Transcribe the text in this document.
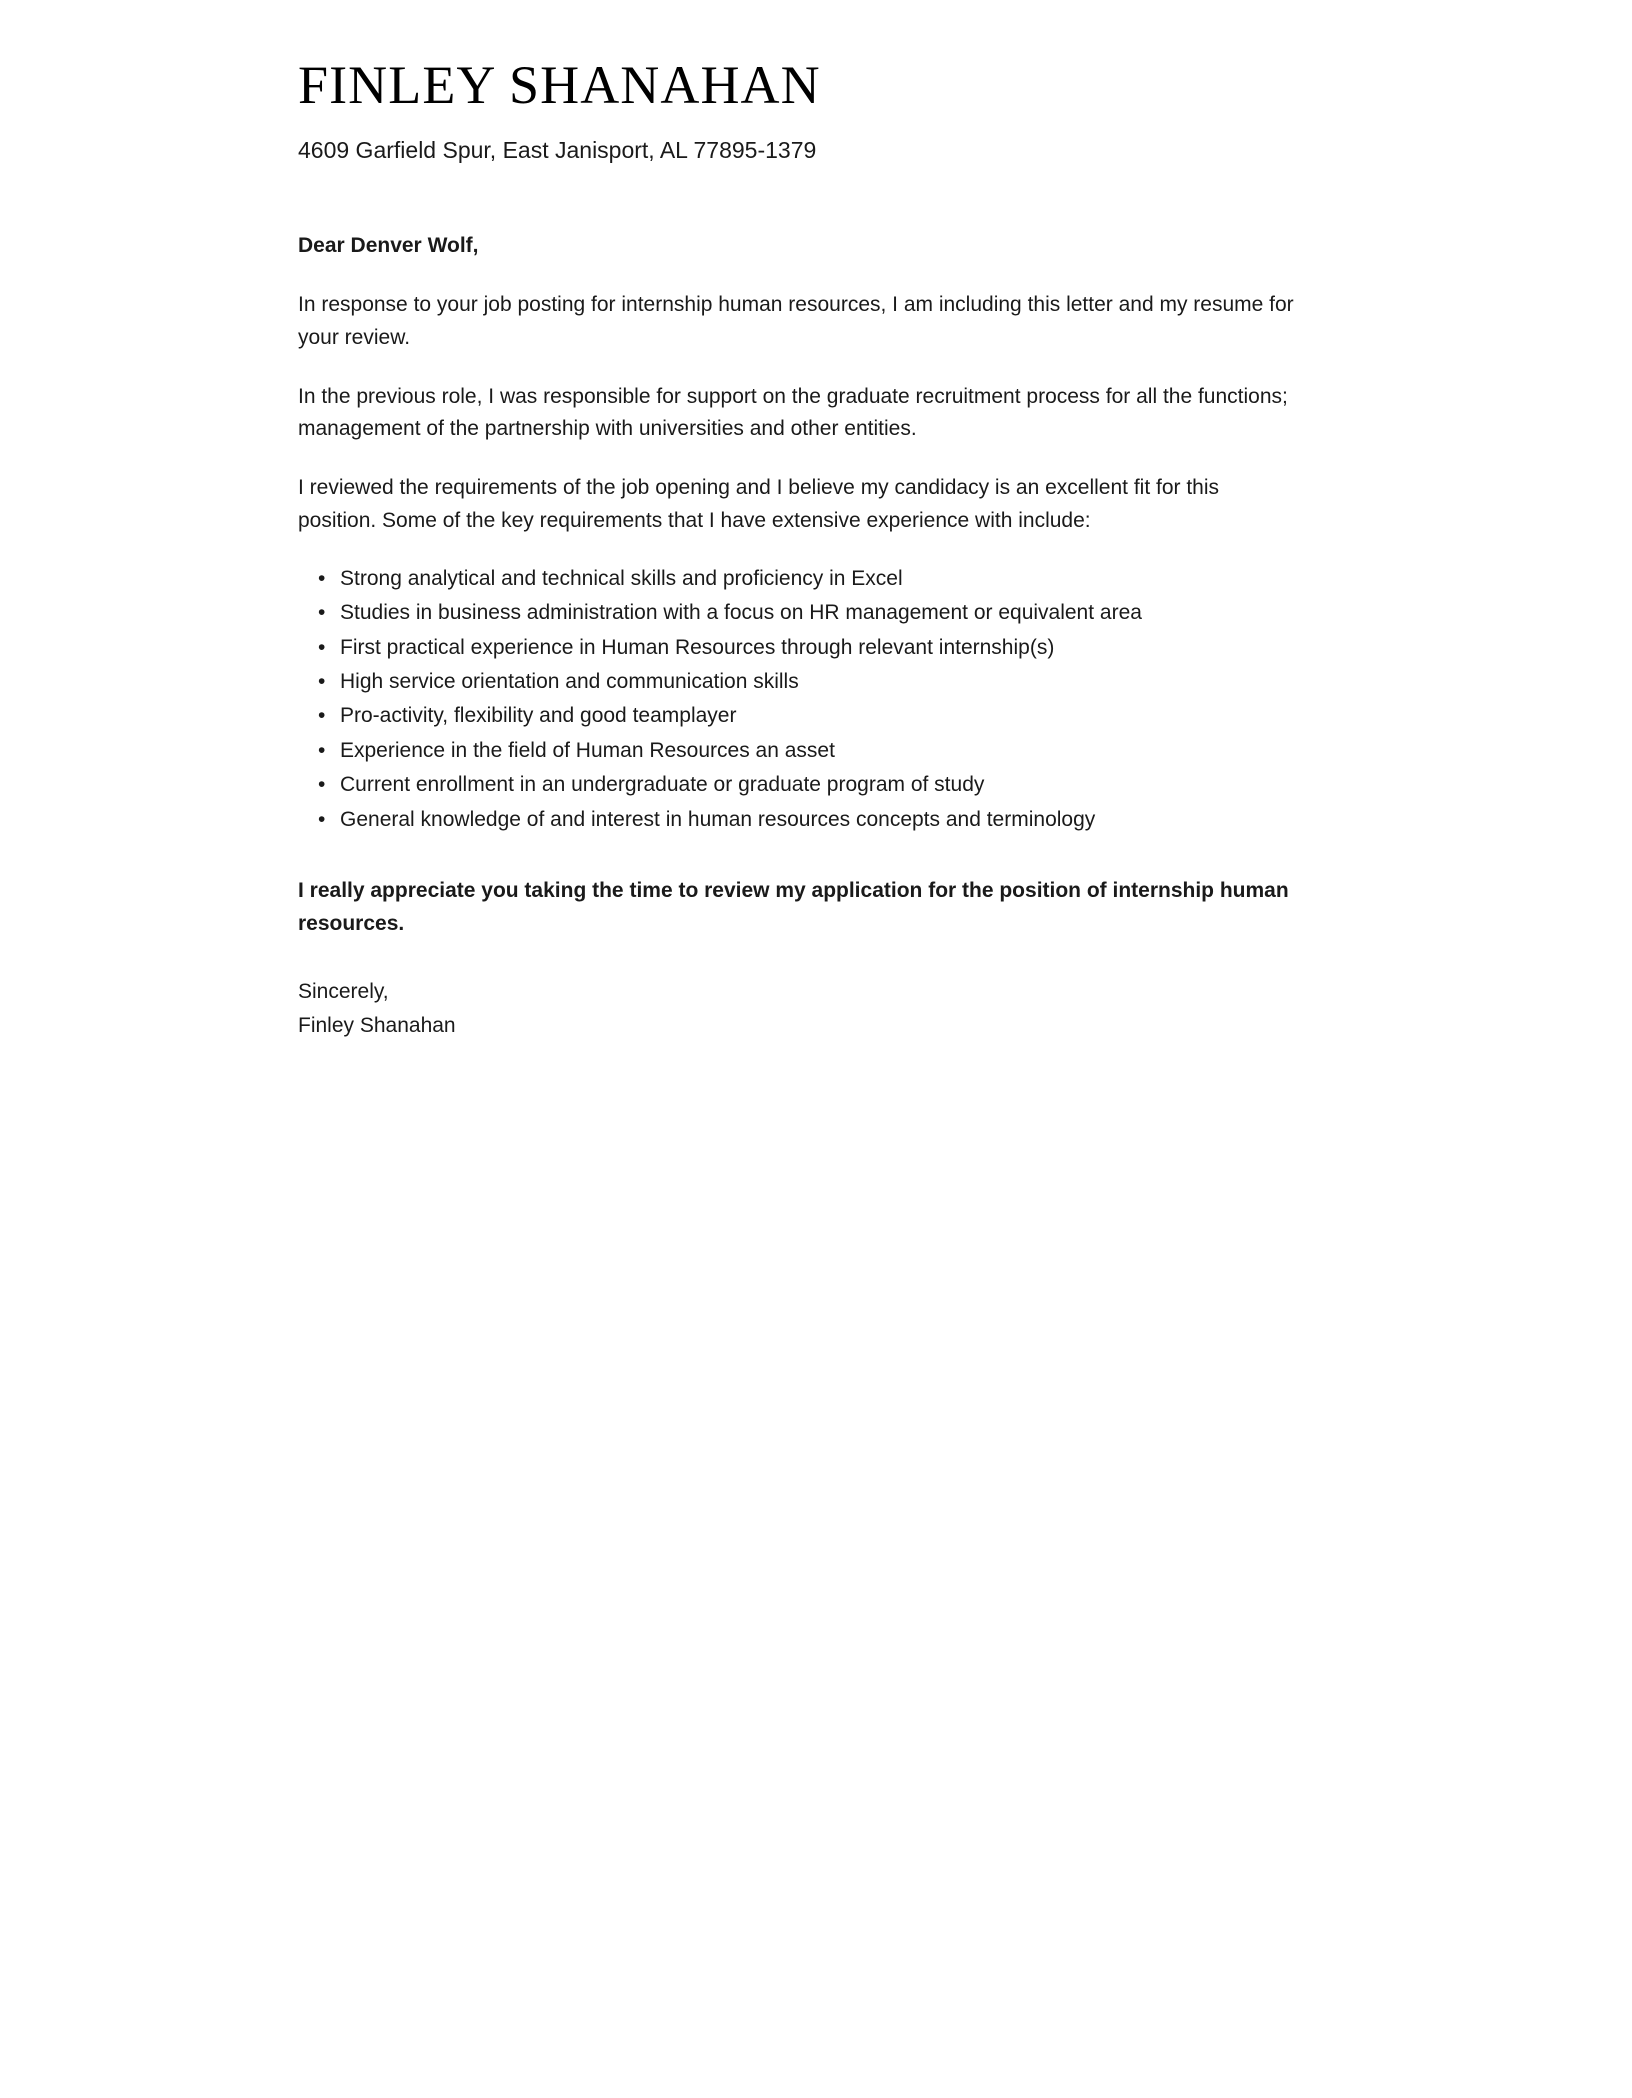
FINLEY SHANAHAN
4609 Garfield Spur, East Janisport, AL 77895-1379

Dear Denver Wolf,

In response to your job posting for internship human resources, I am including this letter and my resume for your review.

In the previous role, I was responsible for support on the graduate recruitment process for all the functions; management of the partnership with universities and other entities.

I reviewed the requirements of the job opening and I believe my candidacy is an excellent fit for this position. Some of the key requirements that I have extensive experience with include:

• Strong analytical and technical skills and proficiency in Excel
• Studies in business administration with a focus on HR management or equivalent area
• First practical experience in Human Resources through relevant internship(s)
• High service orientation and communication skills
• Pro-activity, flexibility and good teamplayer
• Experience in the field of Human Resources an asset
• Current enrollment in an undergraduate or graduate program of study
• General knowledge of and interest in human resources concepts and terminology

I really appreciate you taking the time to review my application for the position of internship human resources.

Sincerely,
Finley Shanahan
